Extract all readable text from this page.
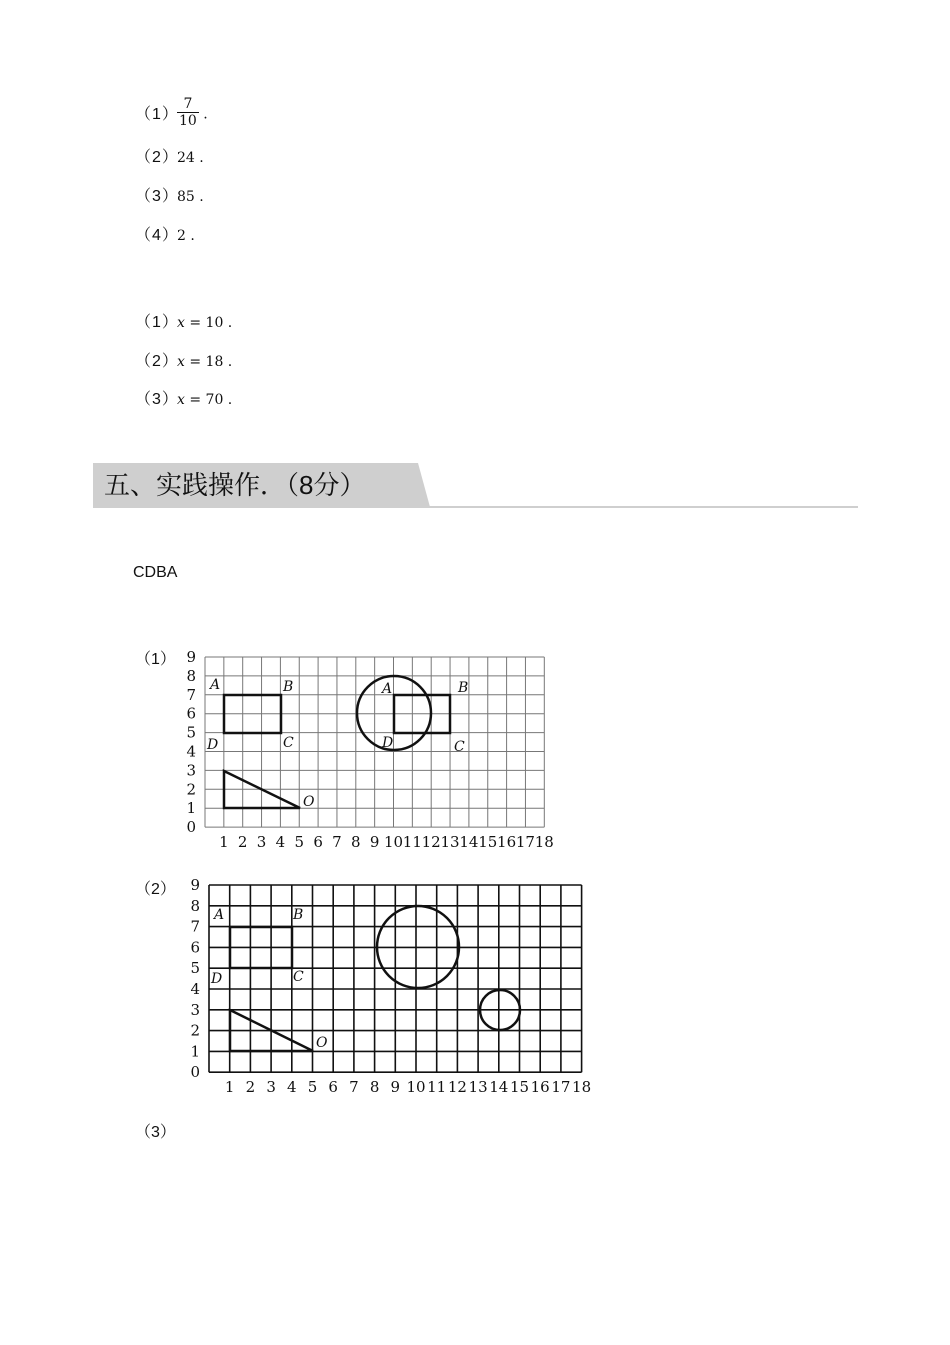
（1）
$\frac{7}{10}$ .
（2）24 .
（3）85 .
（4）2 .
（1）x = 10 .
（2）x = 18 .
（3）x = 70 .
五、实践操作．（8分）
CDBA
（1）
（2）
（3）
1 2 3 4 5 6 7 8 9 10 11 12 13 14 15 16 17 18
0
1
2
3
4
5
6
7
8
9
A	B
C
D
A	B
C
D
O
1 2 3 4 5 6 7 8 9 10 11 12 13 14 15 16 17 18
0
1
2
3
4
5
6
7
8
9
A	B
C
D
O
